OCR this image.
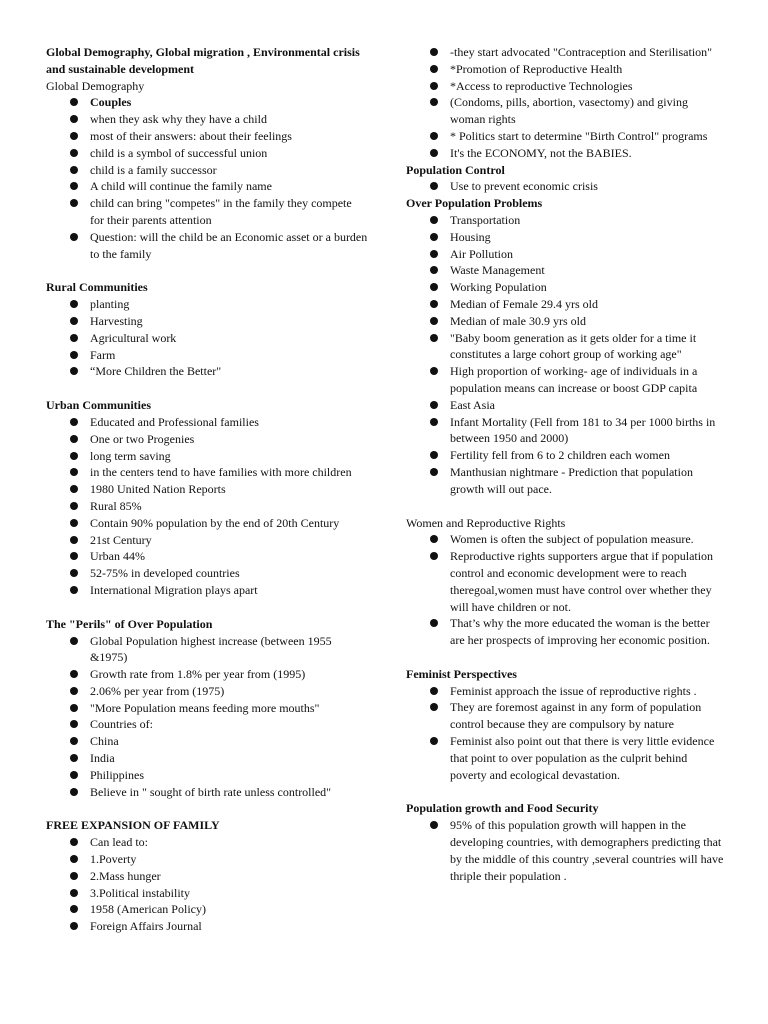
Global Demography, Global migration , Environmental crisis and sustainable development
Global Demography
Couples
when they ask why they have a child
most of their answers: about their feelings
child is a symbol of successful union
child is a family successor
A child will continue the family name
child can bring "competes" in the family they compete for their parents attention
Question: will the child be an Economic asset or a burden to the family
Rural Communities
planting
Harvesting
Agricultural work
Farm
“More Children the Better"
Urban Communities
Educated and Professional families
One or two Progenies
long term saving
in the centers tend to have families with more children
1980 United Nation Reports
Rural 85%
Contain 90% population by the end of 20th Century
21st Century
Urban 44%
52-75% in developed countries
International Migration plays apart
The "Perils" of Over Population
Global Population highest increase (between 1955 &1975)
Growth rate from 1.8% per year from (1995)
2.06% per year from (1975)
"More Population means feeding more mouths"
Countries of:
China
India
Philippines
Believe in " sought of birth rate unless controlled"
FREE EXPANSION OF FAMILY
Can lead to:
1.Poverty
2.Mass hunger
3.Political instability
1958 (American Policy)
Foreign Affairs Journal
-they start advocated "Contraception and Sterilisation"
*Promotion of Reproductive Health
*Access to reproductive Technologies
(Condoms, pills, abortion, vasectomy) and giving woman rights
* Politics start to determine "Birth Control" programs
It's the ECONOMY, not the BABIES.
Population Control
Use to prevent economic crisis
Over Population Problems
Transportation
Housing
Air Pollution
Waste Management
Working Population
Median of Female 29.4 yrs old
Median of male 30.9 yrs old
"Baby boom generation as it gets older for a time it constitutes a large cohort group of working age"
High proportion of working- age of individuals in a population means can increase or boost GDP capita
East Asia
Infant Mortality (Fell from 181 to 34 per 1000 births in between 1950 and 2000)
Fertility fell from 6 to 2 children each women
Manthusian nightmare - Prediction that population growth will out pace.
Women and Reproductive Rights
Women is often the subject of population measure.
Reproductive rights supporters argue that if population control and economic development were to reach theregoal,women must have control over whether they will have children or not.
That’s why the more educated the woman is the better are her prospects of improving her economic position.
Feminist Perspectives
Feminist approach the issue of reproductive rights .
They are foremost against in any form of population control because they are compulsory by nature
Feminist also point out that there is very little evidence that point to over population as the culprit behind poverty and ecological devastation.
Population growth and Food Security
95% of this population growth will happen in the developing countries, with demographers predicting that by the middle of this country ,several countries will have thriple their population .
